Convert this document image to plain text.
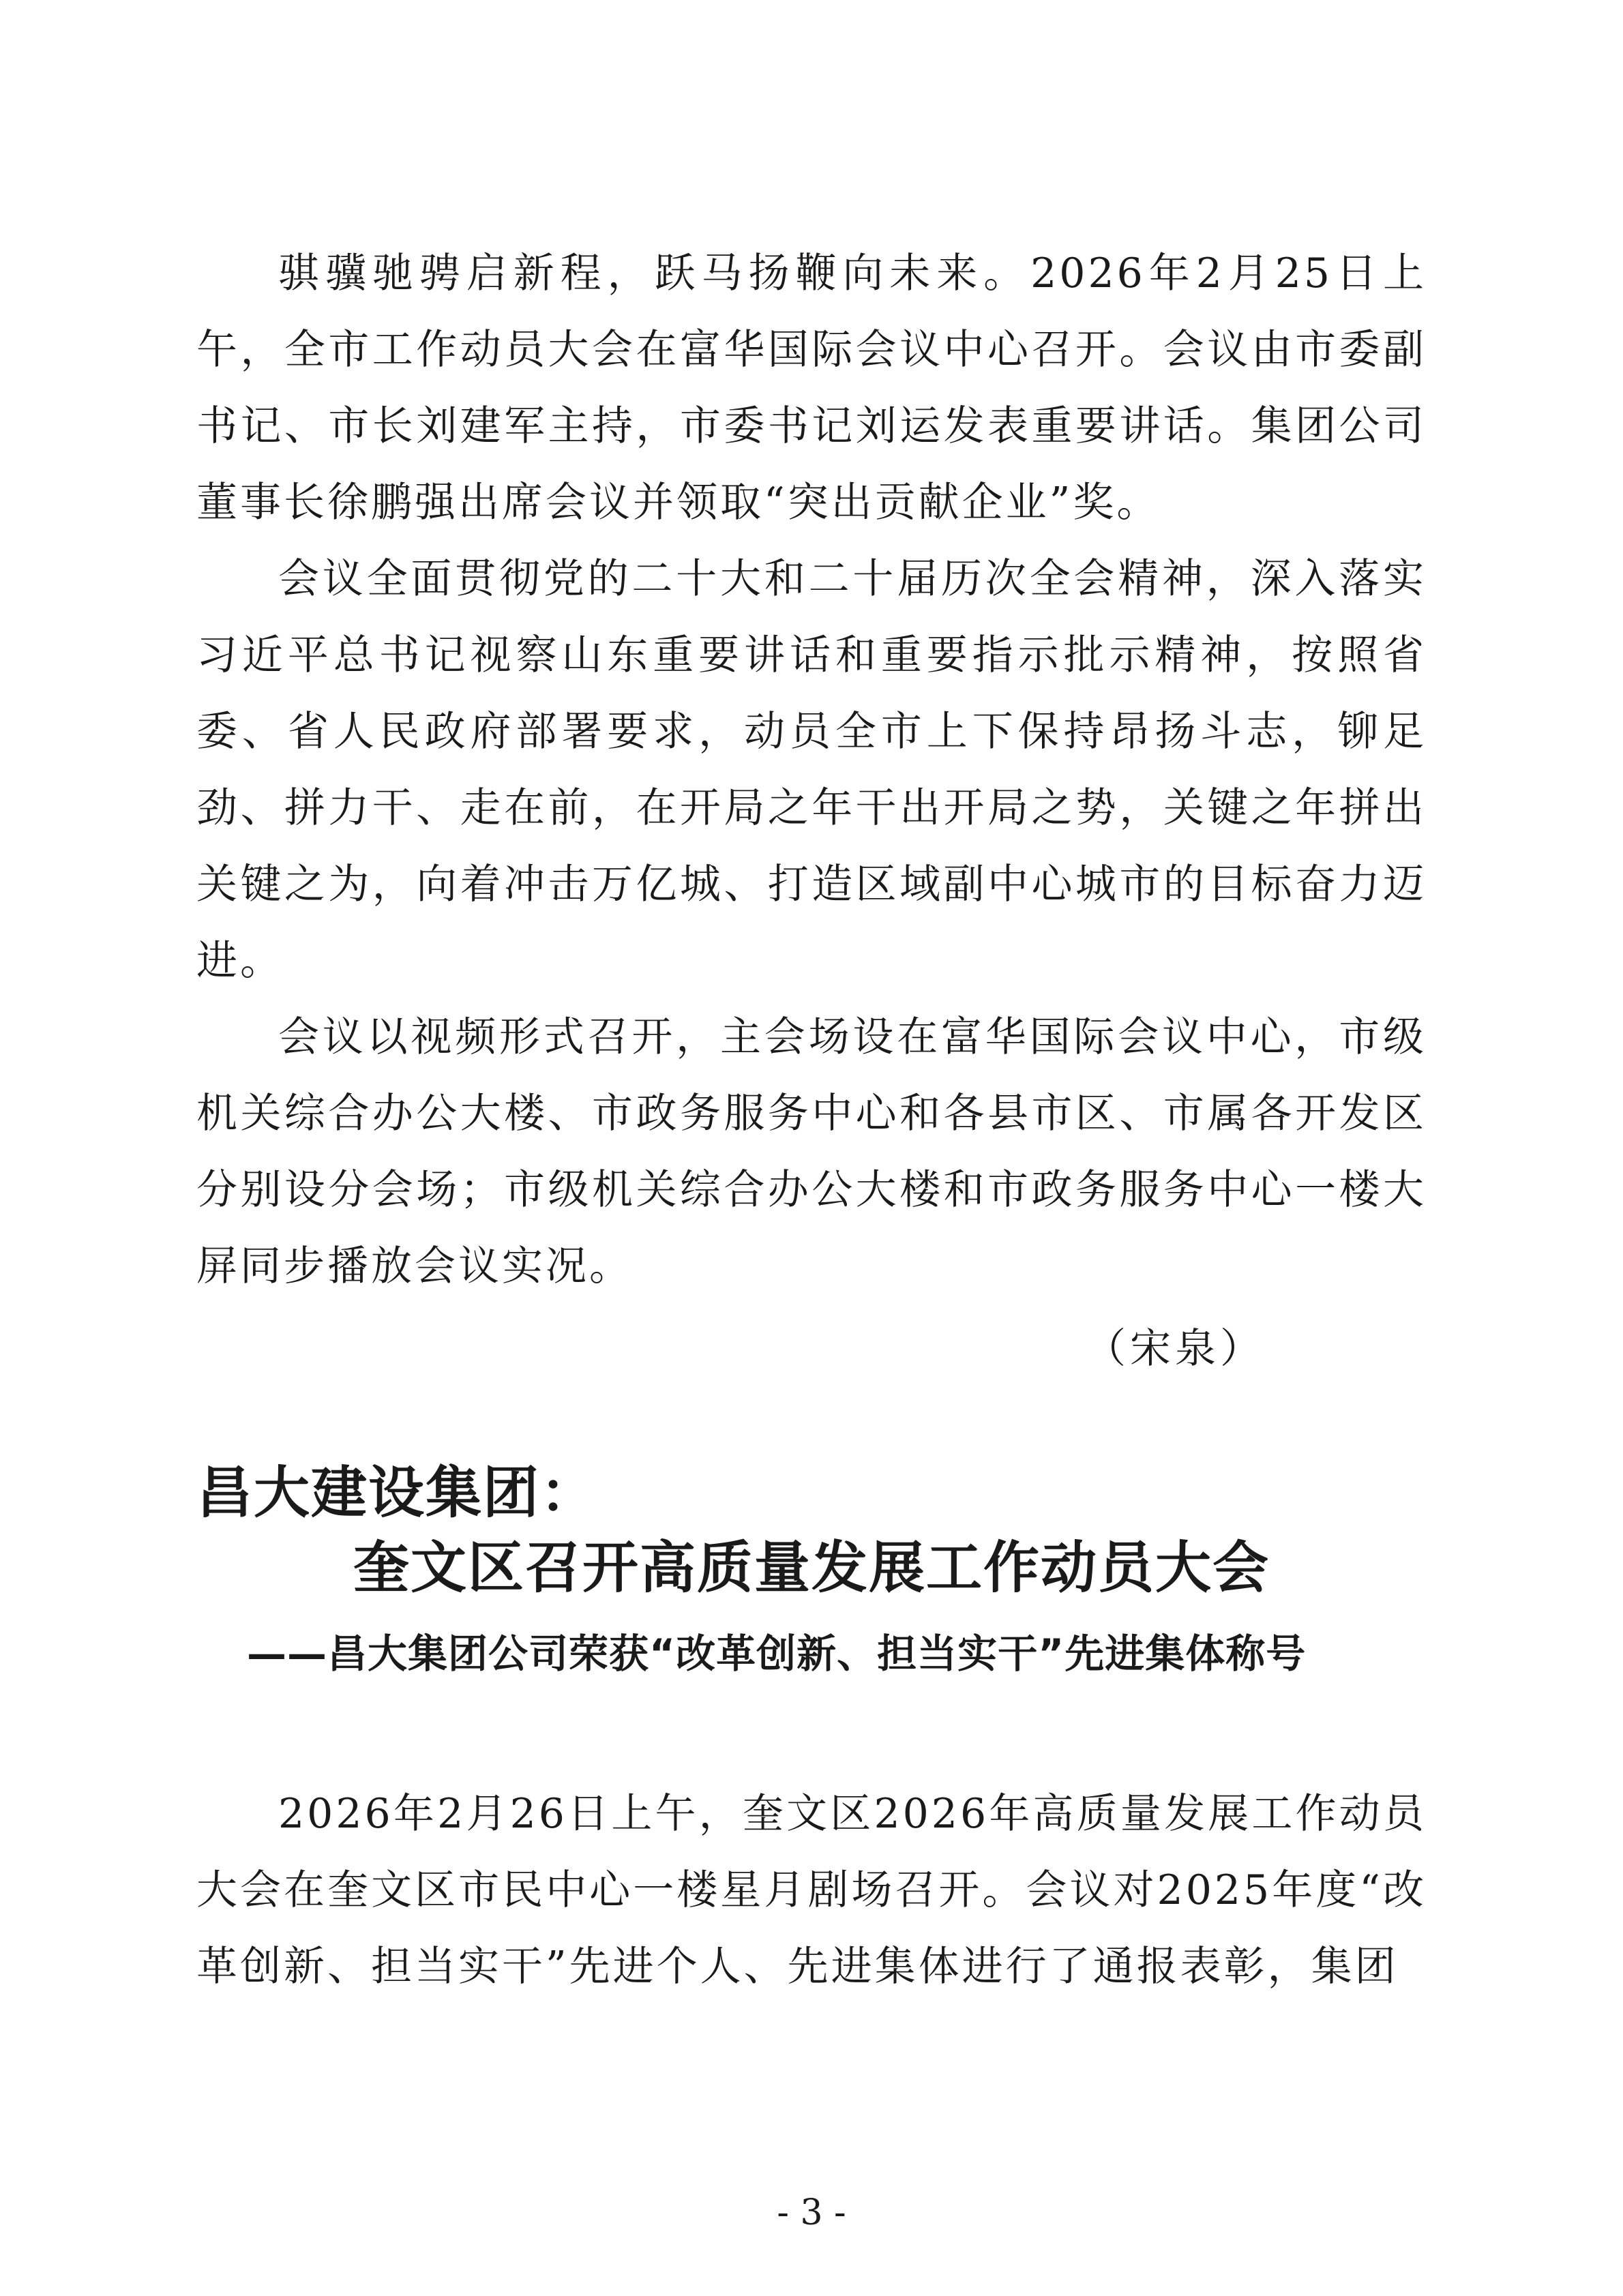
骐骥驰骋启新程，跃马扬鞭向未来。2026年2月25日上午，全市工作动员大会在富华国际会议中心召开。会议由市委副书记、市长刘建军主持，市委书记刘运发表重要讲话。集团公司董事长徐鹏强出席会议并领取“突出贡献企业”奖。

会议全面贯彻党的二十大和二十届历次全会精神，深入落实习近平总书记视察山东重要讲话和重要指示批示精神，按照省委、省人民政府部署要求，动员全市上下保持昂扬斗志，铆足劲、拼力干、走在前，在开局之年干出开局之势，关键之年拼出关键之为，向着冲击万亿城、打造区域副中心城市的目标奋力迈进。

会议以视频形式召开，主会场设在富华国际会议中心，市级机关综合办公大楼、市政务服务中心和各县市区、市属各开发区分别设分会场；市级机关综合办公大楼和市政务服务中心一楼大屏同步播放会议实况。

（宋泉）
昌大建设集团：
奎文区召开高质量发展工作动员大会
——昌大集团公司荣获“改革创新、担当实干”先进集体称号

2026年2月26日上午，奎文区2026年高质量发展工作动员大会在奎文区市民中心一楼星月剧场召开。会议对2025年度“改革创新、担当实干”先进个人、先进集体进行了通报表彰，集团

- 3 -
